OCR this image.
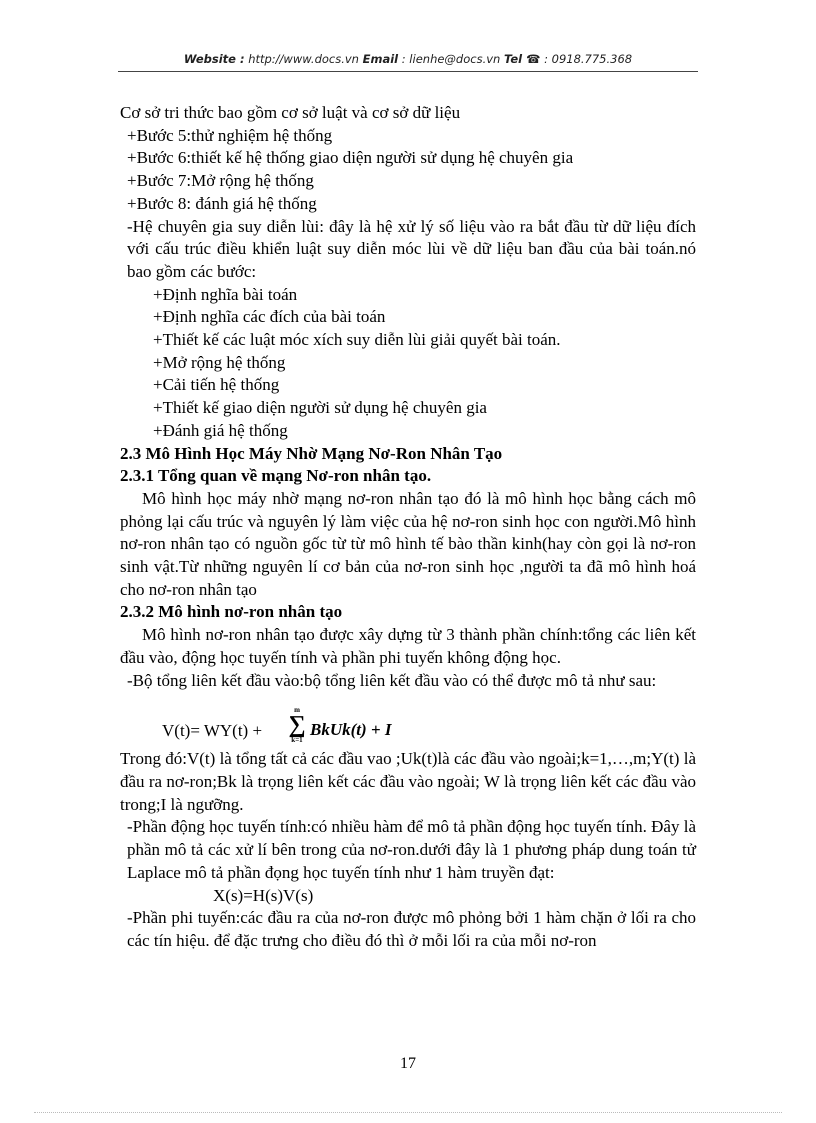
Website : http://www.docs.vn Email : lienhe@docs.vn Tel ☎ : 0918.775.368

Cơ sở tri thức bao gồm cơ sở luật và cơ sở dữ liệu

+Bước 5:thử nghiệm hệ thống

+Bước 6:thiết kế hệ thống giao diện người sử dụng hệ chuyên gia

+Bước 7:Mở rộng hệ thống

+Bước 8: đánh giá hệ thống

-Hệ chuyên gia suy diễn lùi: đây là hệ xử lý số liệu vào ra bắt đầu từ dữ liệu đích với cấu trúc điều khiển luật suy diễn móc lùi về dữ liệu ban đầu của bài toán.nó bao gồm các bước:

+Định nghĩa bài toán

+Định nghĩa các đích của bài toán

+Thiết kế các luật móc xích suy diễn lùi giải quyết bài toán.

+Mở rộng hệ thống

+Cải tiến hệ thống

+Thiết kế giao diện người sử dụng hệ chuyên gia

+Đánh giá hệ thống

2.3 Mô Hình Học Máy Nhờ Mạng Nơ-Ron Nhân Tạo

2.3.1 Tổng quan về mạng Nơ-ron nhân tạo.

Mô hình học máy nhờ mạng nơ-ron nhân tạo đó là mô hình học bằng cách mô phỏng lại cấu trúc và nguyên lý làm việc của hệ nơ-ron sinh học con người.Mô hình nơ-ron nhân tạo có nguồn gốc từ từ mô hình tế bào thần kinh(hay còn gọi là nơ-ron sinh vật.Từ những nguyên lí cơ bản của nơ-ron sinh học ,người ta đã mô hình hoá cho nơ-ron nhân tạo

2.3.2 Mô hình nơ-ron nhân tạo

Mô hình nơ-ron nhân tạo được xây dựng từ 3 thành phần chính:tổng các liên kết đầu vào, động học tuyến tính và phần phi tuyến không động học.

-Bộ tổng liên kết đầu vào:bộ tổng liên kết đầu vào có thể được mô tả như sau:

V(t)= WY(t) +
m
∑
k=1
BkUk(t) + I

Trong đó:V(t) là tổng tất cả các đầu vao ;Uk(t)là các đầu vào ngoài;k=1,…,m;Y(t) là đầu ra nơ-ron;Bk là trọng liên kết các đầu vào ngoài; W là trọng liên kết các đầu vào trong;I là ngưỡng.

-Phần động học tuyến tính:có nhiều hàm để mô tả phần động học tuyến tính. Đây là phần mô tả các xử lí bên trong của nơ-ron.dưới đây là 1 phương pháp dung toán tử Laplace mô tả phần đọng học tuyến tính như 1 hàm truyền đạt:

X(s)=H(s)V(s)

-Phần phi tuyến:các đầu ra của nơ-ron được mô phỏng bởi 1 hàm chặn ở lối ra cho các tín hiệu. để đặc trưng cho điều đó thì ở mỗi lối ra của mỗi nơ-ron

17
